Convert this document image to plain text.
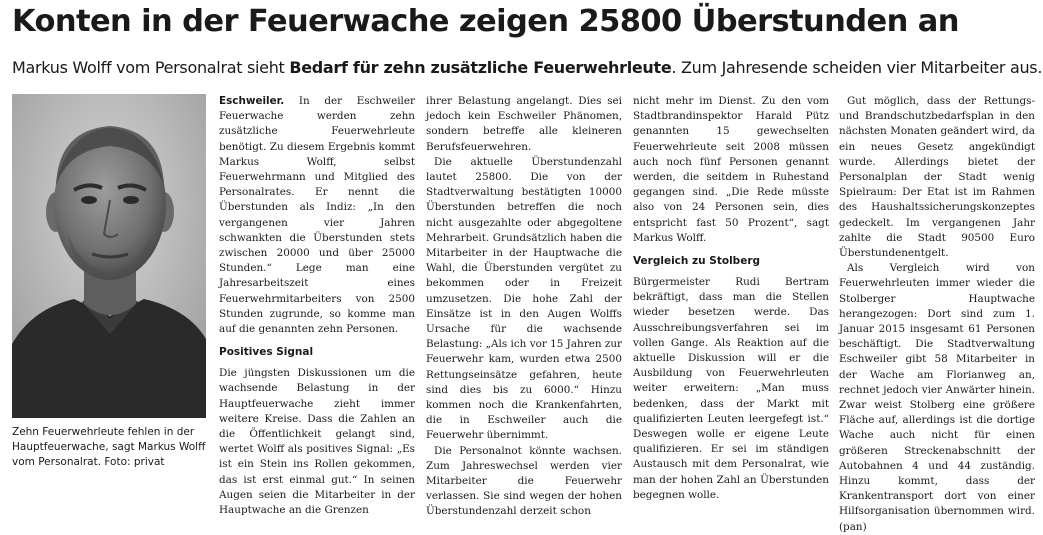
Konten in der Feuerwache zeigen 25800 Überstunden an

Markus Wolff vom Personalrat sieht Bedarf für zehn zusätzliche Feuerwehrleute. Zum Jahresende scheiden vier Mitarbeiter aus.

Zehn Feuerwehrleute fehlen in der Hauptfeuerwache, sagt Markus Wolff vom Personalrat. Foto: privat

Eschweiler. In der Eschweiler Feuerwache werden zehn zusätzliche Feuerwehrleute benötigt. Zu diesem Ergebnis kommt Markus Wolff, selbst Feuerwehrmann und Mitglied des Personalrates. Er nennt die Überstunden als Indiz: „In den vergangenen vier Jahren schwankten die Überstunden stets zwischen 20000 und über 25000 Stunden.“ Lege man eine Jahresarbeitszeit eines Feuerwehrmitarbeiters von 2500 Stunden zugrunde, so komme man auf die genannten zehn Personen.

Positives Signal

Die jüngsten Diskussionen um die wachsende Belastung in der Hauptfeuerwache zieht immer weitere Kreise. Dass die Zahlen an die Öffentlichkeit gelangt sind, wertet Wolff als positives Signal: „Es ist ein Stein ins Rollen gekommen, das ist erst einmal gut.“ In seinen Augen seien die Mitarbeiter in der Hauptwache an die Grenzen

ihrer Belastung angelangt. Dies sei jedoch kein Eschweiler Phänomen, sondern betreffe alle kleineren Berufsfeuerwehren.

Die aktuelle Überstundenzahl lautet 25800. Die von der Stadtverwaltung bestätigten 10000 Überstunden betreffen die noch nicht ausgezahlte oder abgegoltene Mehrarbeit. Grundsätzlich haben die Mitarbeiter in der Hauptwache die Wahl, die Überstunden vergütet zu bekommen oder in Freizeit umzusetzen. Die hohe Zahl der Einsätze ist in den Augen Wolffs Ursache für die wachsende Belastung: „Als ich vor 15 Jahren zur Feuerwehr kam, wurden etwa 2500 Rettungseinsätze gefahren, heute sind dies bis zu 6000.“ Hinzu kommen noch die Krankenfahrten, die in Eschweiler auch die Feuerwehr übernimmt.

Die Personalnot könnte wachsen. Zum Jahreswechsel werden vier Mitarbeiter die Feuerwehr verlassen. Sie sind wegen der hohen Überstundenzahl derzeit schon

nicht mehr im Dienst. Zu den vom Stadtbrandinspektor Harald Pütz genannten 15 gewechselten Feuerwehrleute seit 2008 müssen auch noch fünf Personen genannt werden, die seitdem in Ruhestand gegangen sind. „Die Rede müsste also von 24 Personen sein, dies entspricht fast 50 Prozent“, sagt Markus Wolff.

Vergleich zu Stolberg

Bürgermeister Rudi Bertram bekräftigt, dass man die Stellen wieder besetzen werde. Das Ausschreibungsverfahren sei im vollen Gange. Als Reaktion auf die aktuelle Diskussion will er die Ausbildung von Feuerwehrleuten weiter erweitern: „Man muss bedenken, dass der Markt mit qualifizierten Leuten leergefegt ist.“ Deswegen wolle er eigene Leute qualifizieren. Er sei im ständigen Austausch mit dem Personalrat, wie man der hohen Zahl an Überstunden begegnen wolle.

Gut möglich, dass der Rettungs- und Brandschutzbedarfsplan in den nächsten Monaten geändert wird, da ein neues Gesetz angekündigt wurde. Allerdings bietet der Personalplan der Stadt wenig Spielraum: Der Etat ist im Rahmen des Haushaltssicherungskonzeptes gedeckelt. Im vergangenen Jahr zahlte die Stadt 90500 Euro Überstundenentgelt.

Als Vergleich wird von Feuerwehrleuten immer wieder die Stolberger Hauptwache herangezogen: Dort sind zum 1. Januar 2015 insgesamt 61 Personen beschäftigt. Die Stadtverwaltung Eschweiler gibt 58 Mitarbeiter in der Wache am Florianweg an, rechnet jedoch vier Anwärter hinein. Zwar weist Stolberg eine größere Fläche auf, allerdings ist die dortige Wache auch nicht für einen größeren Streckenabschnitt der Autobahnen 4 und 44 zuständig. Hinzu kommt, dass der Krankentransport dort von einer Hilfsorganisation übernommen wird. (pan)
